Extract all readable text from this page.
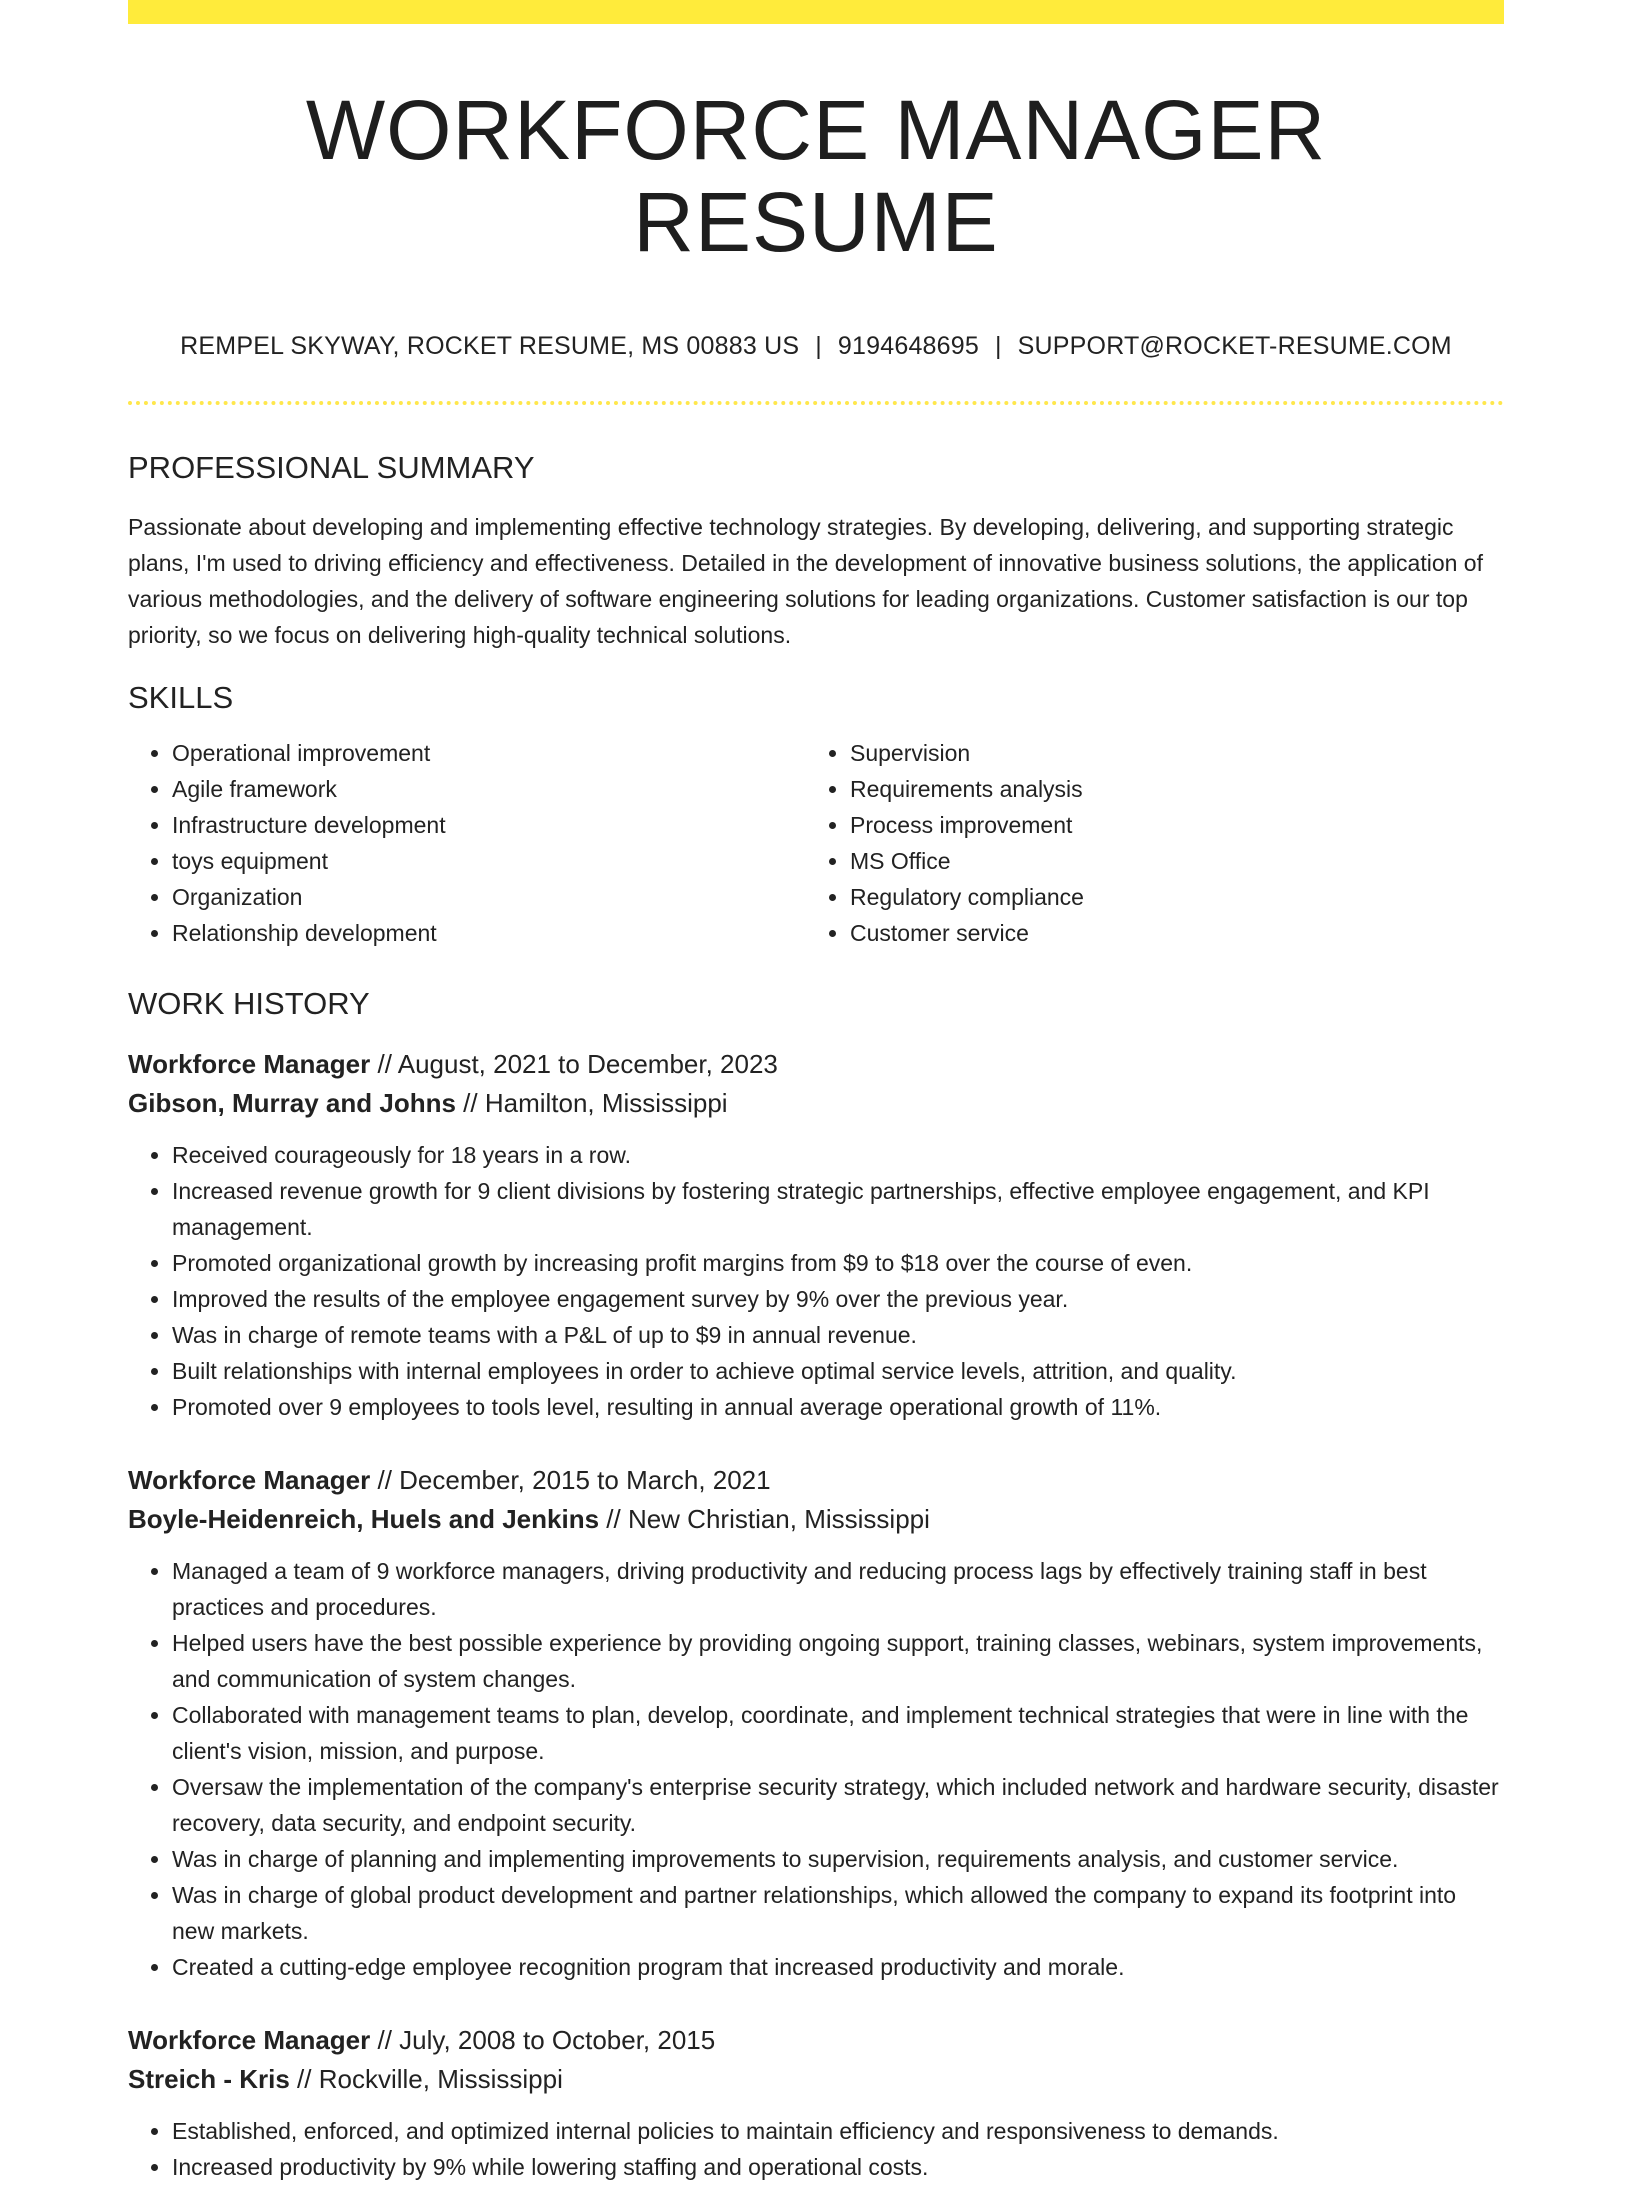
WORKFORCE MANAGER RESUME
REMPEL SKYWAY, ROCKET RESUME, MS 00883 US | 9194648695 | SUPPORT@ROCKET-RESUME.COM
PROFESSIONAL SUMMARY

Passionate about developing and implementing effective technology strategies. By developing, delivering, and supporting strategic plans, I'm used to driving efficiency and effectiveness. Detailed in the development of innovative business solutions, the application of various methodologies, and the delivery of software engineering solutions for leading organizations. Customer satisfaction is our top priority, so we focus on delivering high-quality technical solutions.

SKILLS
• Operational improvement
• Agile framework
• Infrastructure development
• toys equipment
• Organization
• Relationship development
• Supervision
• Requirements analysis
• Process improvement
• MS Office
• Regulatory compliance
• Customer service
WORK HISTORY
Workforce Manager // August, 2021 to December, 2023
Gibson, Murray and Johns // Hamilton, Mississippi
• Received courageously for 18 years in a row.
• Increased revenue growth for 9 client divisions by fostering strategic partnerships, effective employee engagement, and KPI management.
• Promoted organizational growth by increasing profit margins from $9 to $18 over the course of even.
• Improved the results of the employee engagement survey by 9% over the previous year.
• Was in charge of remote teams with a P&L of up to $9 in annual revenue.
• Built relationships with internal employees in order to achieve optimal service levels, attrition, and quality.
• Promoted over 9 employees to tools level, resulting in annual average operational growth of 11%.
Workforce Manager // December, 2015 to March, 2021
Boyle-Heidenreich, Huels and Jenkins // New Christian, Mississippi
• Managed a team of 9 workforce managers, driving productivity and reducing process lags by effectively training staff in best practices and procedures.
• Helped users have the best possible experience by providing ongoing support, training classes, webinars, system improvements, and communication of system changes.
• Collaborated with management teams to plan, develop, coordinate, and implement technical strategies that were in line with the client's vision, mission, and purpose.
• Oversaw the implementation of the company's enterprise security strategy, which included network and hardware security, disaster recovery, data security, and endpoint security.
• Was in charge of planning and implementing improvements to supervision, requirements analysis, and customer service.
• Was in charge of global product development and partner relationships, which allowed the company to expand its footprint into new markets.
• Created a cutting-edge employee recognition program that increased productivity and morale.
Workforce Manager // July, 2008 to October, 2015
Streich - Kris // Rockville, Mississippi
• Established, enforced, and optimized internal policies to maintain efficiency and responsiveness to demands.
• Increased productivity by 9% while lowering staffing and operational costs.
